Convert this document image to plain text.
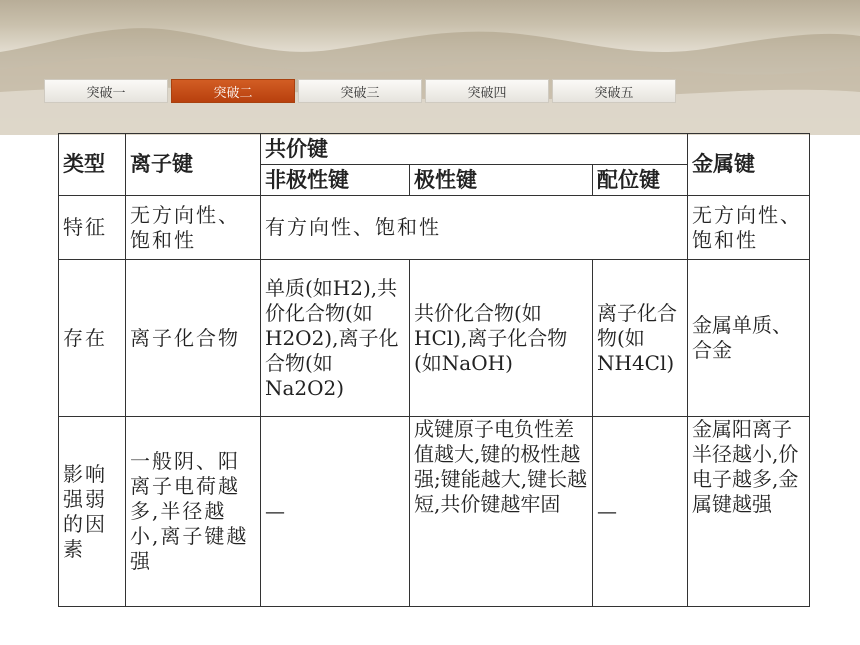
突破一	突破二	突破三	突破四	突破五
类型	离子键	共价键			金属键
		非极性键	极性键	配位键	
特征	无方向性、饱和性	有方向性、饱和性			无方向性、饱和性
存在	离子化合物	单质(如H2),共价化合物(如H2O2),离子化合物(如Na2O2)	共价化合物(如HCl),离子化合物(如NaOH)	离子化合物(如NH4Cl)	金属单质、合金
影响强弱的因素	一般阴、阳离子电荷越多,半径越小,离子键越强	—	成键原子电负性差值越大,键的极性越强;键能越大,键长越短,共价键越牢固	—	金属阳离子半径越小,价电子越多,金属键越强
